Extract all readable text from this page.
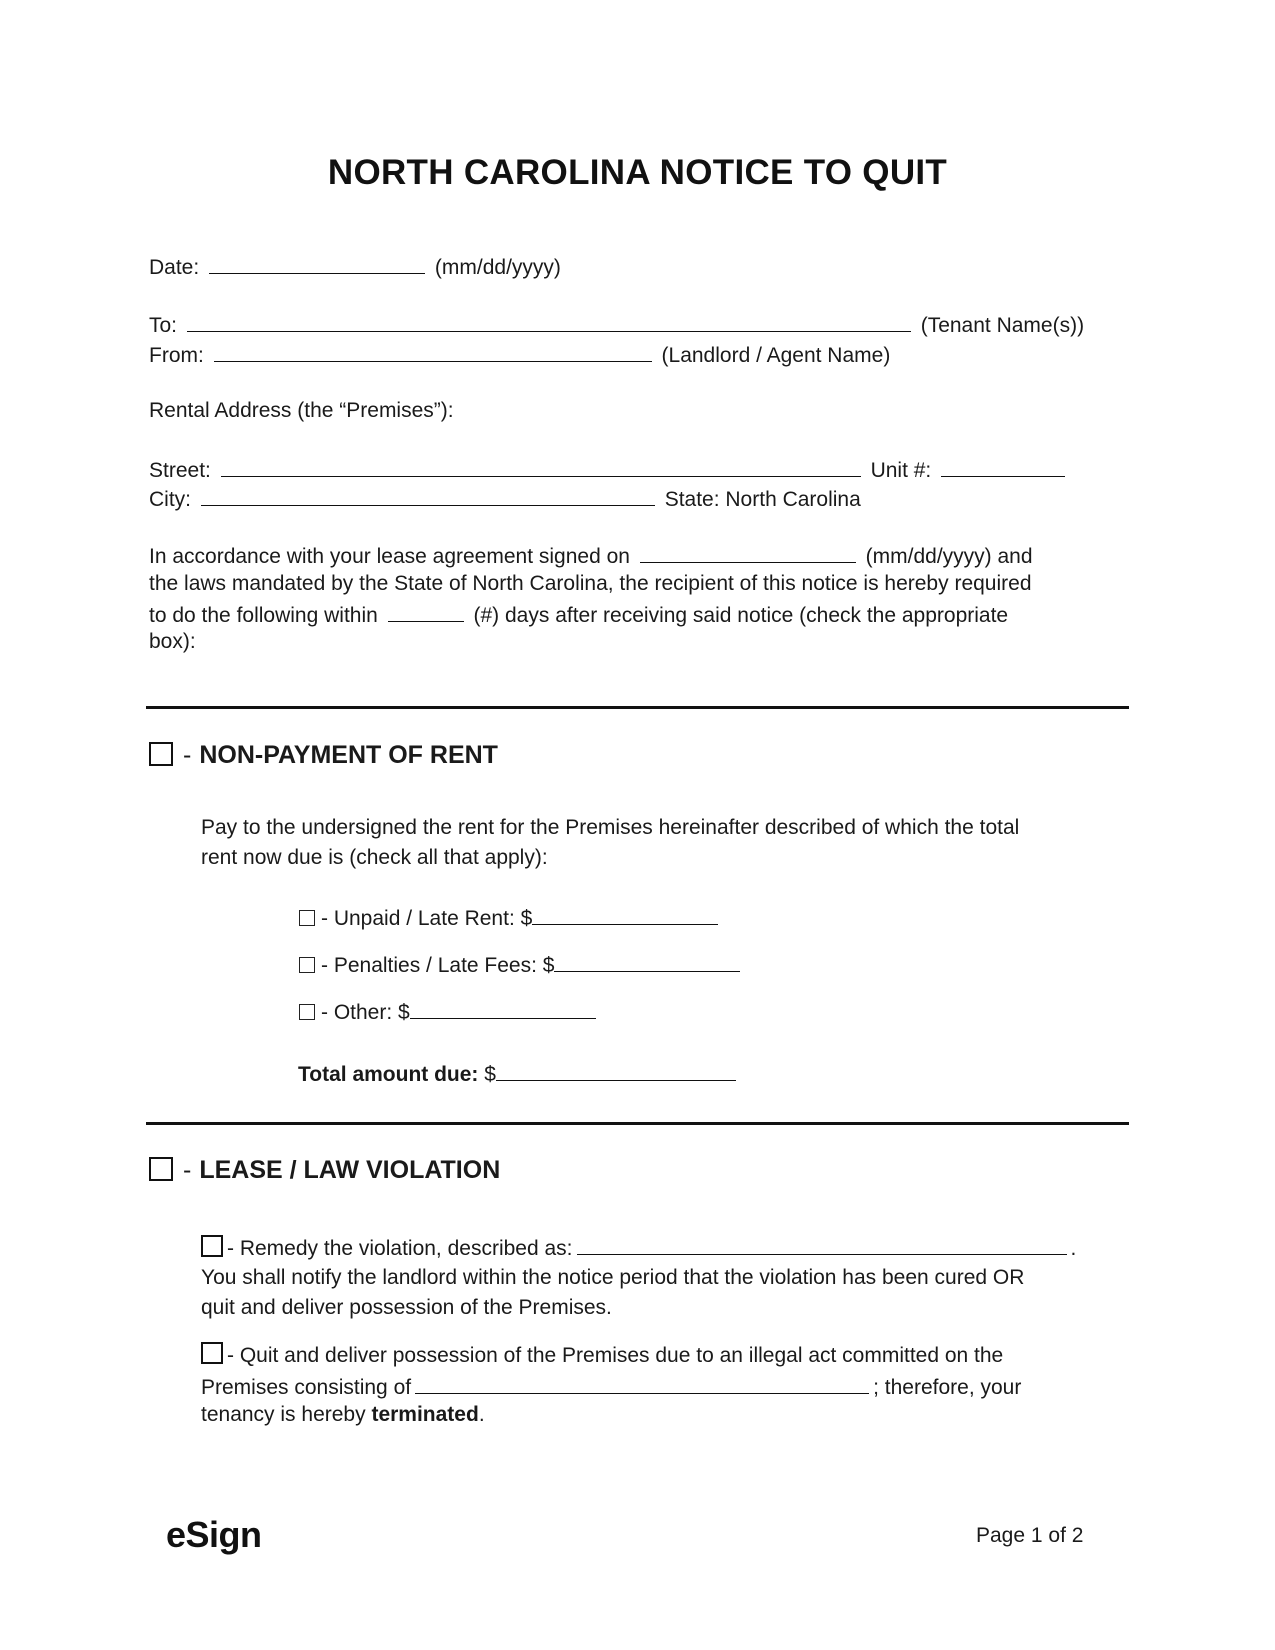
NORTH CAROLINA NOTICE TO QUIT
Date:	(mm/dd/yyyy)
To:	(Tenant Name(s))
From:	(Landlord / Agent Name)
Rental Address (the “Premises”):
Street:	Unit #:
City:	State: North Carolina
In accordance with your lease agreement signed on	(mm/dd/yyyy) and
the laws mandated by the State of North Carolina, the recipient of this notice is hereby required
to do the following within	(#) days after receiving said notice (check the appropriate
box):
- NON-PAYMENT OF RENT
Pay to the undersigned the rent for the Premises hereinafter described of which the total
rent now due is (check all that apply):
- Unpaid / Late Rent: $
- Penalties / Late Fees: $
- Other: $
Total amount due: $
- LEASE / LAW VIOLATION
- Remedy the violation, described as:	.
You shall notify the landlord within the notice period that the violation has been cured OR
quit and deliver possession of the Premises.
- Quit and deliver possession of the Premises due to an illegal act committed on the
Premises consisting of	; therefore, your
tenancy is hereby terminated.
eSign	Page 1 of 2
